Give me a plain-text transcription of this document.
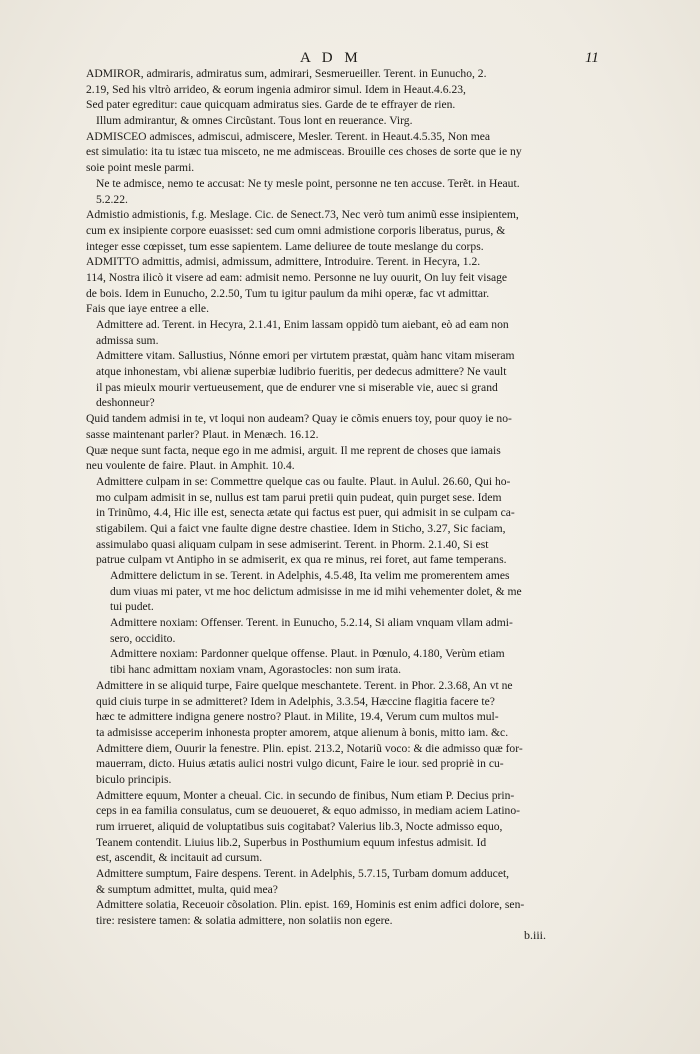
A D M	11
ADMIROR, admiraris, admiratus sum, admirari, Sesmerueiller. Terent. in Eunucho, 2.
2.19, Sed his vltrò arrideo, & eorum ingenia admiror simul. Idem in Heaut.4.6.23,
Sed pater egreditur: caue quicquam admiratus sies. Garde de te effrayer de rien.
Illum admirantur, & omnes Circũstant. Tous lont en reuerance. Virg.
ADMISCEO admisces, admiscui, admiscere, Mesler. Terent. in Heaut.4.5.35, Non mea
est simulatio: ita tu istæc tua misceto, ne me admisceas. Brouille ces choses de sorte que ie ny
soie point mesle parmi.
Ne te admisce, nemo te accusat: Ne ty mesle point, personne ne ten accuse. Terẽt. in Heaut.
5.2.22.
Admistio admistionis, f.g. Meslage. Cic. de Senect.73, Nec verò tum animũ esse insipientem,
cum ex insipiente corpore euasisset: sed cum omni admistione corporis liberatus, purus, &
integer esse cœpisset, tum esse sapientem. Lame deliuree de toute meslange du corps.
ADMITTO admittis, admisi, admissum, admittere, Introduire. Terent. in Hecyra, 1.2.
114, Nostra ilicò it visere ad eam: admisit nemo. Personne ne luy ouurit, On luy feit visage
de bois. Idem in Eunucho, 2.2.50, Tum tu igitur paulum da mihi operæ, fac vt admittar.
Fais que iaye entree a elle.
Admittere ad. Terent. in Hecyra, 2.1.41, Enim lassam oppidò tum aiebant, eò ad eam non
admissa sum.
Admittere vitam. Sallustius, Nónne emori per virtutem præstat, quàm hanc vitam miseram
atque inhonestam, vbi alienæ superbiæ ludibrio fueritis, per dedecus admittere? Ne vault
il pas mieulx mourir vertueusement, que de endurer vne si miserable vie, auec si grand
deshonneur?
Quid tandem admisi in te, vt loqui non audeam? Quay ie cõmis enuers toy, pour quoy ie no-
sasse maintenant parler? Plaut. in Menæch. 16.12.
Quæ neque sunt facta, neque ego in me admisi, arguit. Il me reprent de choses que iamais
neu voulente de faire. Plaut. in Amphit. 10.4.
Admittere culpam in se: Commettre quelque cas ou faulte. Plaut. in Aulul. 26.60, Qui ho-
mo culpam admisit in se, nullus est tam parui pretii quin pudeat, quin purget sese. Idem
in Trinũmo, 4.4, Hic ille est, senecta ætate qui factus est puer, qui admisit in se culpam ca-
stigabilem. Qui a faict vne faulte digne destre chastiee. Idem in Sticho, 3.27, Sic faciam,
assimulabo quasi aliquam culpam in sese admiserint. Terent. in Phorm. 2.1.40, Si est
patrue culpam vt Antipho in se admiserit, ex qua re minus, rei foret, aut fame temperans.
Admittere delictum in se. Terent. in Adelphis, 4.5.48, Ita velim me promerentem ames
dum viuas mi pater, vt me hoc delictum admisisse in me id mihi vehementer dolet, & me
tui pudet.
Admittere noxiam: Offenser. Terent. in Eunucho, 5.2.14, Si aliam vnquam vllam admi-
sero, occidito.
Admittere noxiam: Pardonner quelque offense. Plaut. in Pœnulo, 4.180, Verùm etiam
tibi hanc admittam noxiam vnam, Agorastocles: non sum irata.
Admittere in se aliquid turpe, Faire quelque meschantete. Terent. in Phor. 2.3.68, An vt ne
quid ciuis turpe in se admitteret? Idem in Adelphis, 3.3.54, Hæccine flagitia facere te?
hæc te admittere indigna genere nostro? Plaut. in Milite, 19.4, Verum cum multos mul-
ta admisisse acceperim inhonesta propter amorem, atque alienum à bonis, mitto iam. &c.
Admittere diem, Ouurir la fenestre. Plin. epist. 213.2, Notariũ voco: & die admisso quæ for-
mauerram, dicto. Huius ætatis aulici nostri vulgo dicunt, Faire le iour. sed propriè in cu-
biculo principis.
Admittere equum, Monter a cheual. Cic. in secundo de finibus, Num etiam P. Decius prin-
ceps in ea familia consulatus, cum se deuoueret, & equo admisso, in mediam aciem Latino-
rum irrueret, aliquid de voluptatibus suis cogitabat? Valerius lib.3, Nocte admisso equo,
Teanem contendit. Liuius lib.2, Superbus in Posthumium equum infestus admisit. Id
est, ascendit, & incitauit ad cursum.
Admittere sumptum, Faire despens. Terent. in Adelphis, 5.7.15, Turbam domum adducet,
& sumptum admittet, multa, quid mea?
Admittere solatia, Receuoir cõsolation. Plin. epist. 169, Hominis est enim adfici dolore, sen-
tire: resistere tamen: & solatia admittere, non solatiis non egere.
b.iii.
